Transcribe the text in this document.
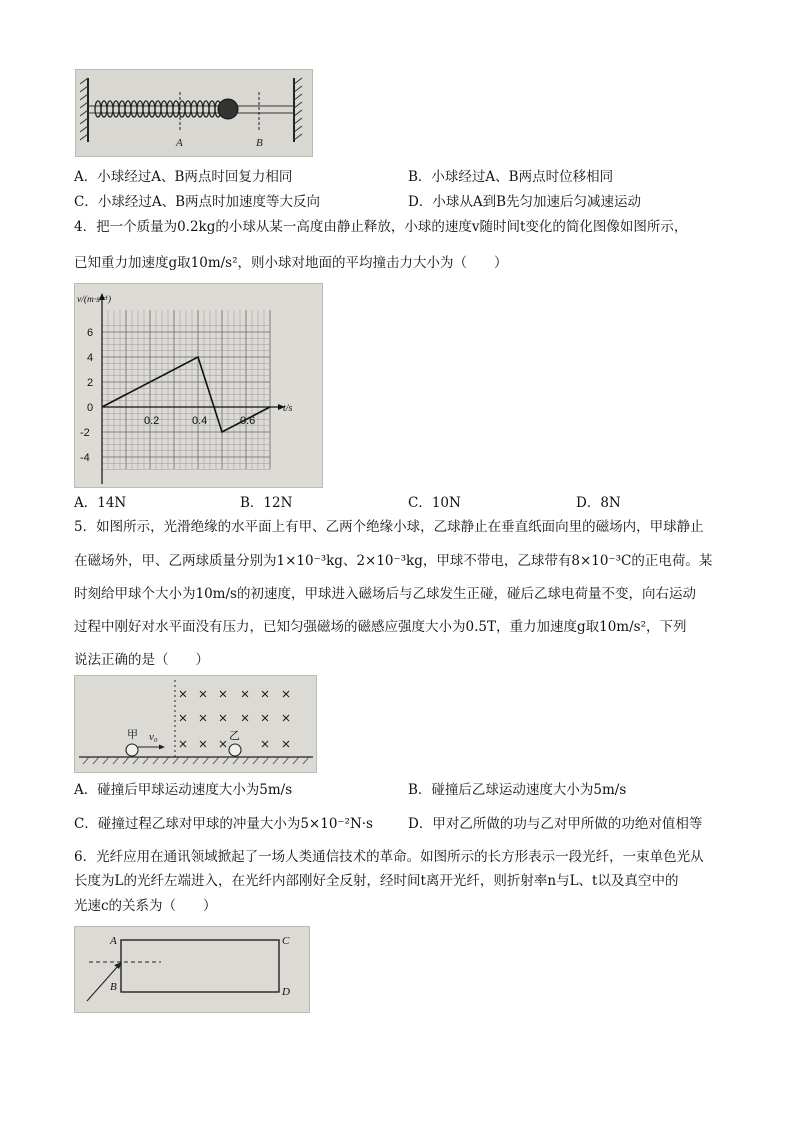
A	B
A．小球经过A、B两点时回复力相同	B．小球经过A、B两点时位移相同
C．小球经过A、B两点时加速度等大反向	D．小球从A到B先匀加速后匀减速运动
4．把一个质量为0.2kg的小球从某一高度由静止释放，小球的速度v随时间t变化的简化图像如图所示，
已知重力加速度g取10m/s²，则小球对地面的平均撞击力大小为（　　）
v/(m·s⁻¹)
t/s
6
4
2
0
-2
-4
0.2	0.4	0.6
A．14N	B．12N	C．10N	D．8N
5．如图所示，光滑绝缘的水平面上有甲、乙两个绝缘小球，乙球静止在垂直纸面向里的磁场内，甲球静止
在磁场外，甲、乙两球质量分别为1×10⁻³kg、2×10⁻³kg，甲球不带电，乙球带有8×10⁻³C的正电荷。某
时刻给甲球个大小为10m/s的初速度，甲球进入磁场后与乙球发生正碰，碰后乙球电荷量不变，向右运动
过程中刚好对水平面没有压力，已知匀强磁场的磁感应强度大小为0.5T，重力加速度g取10m/s²，下列
说法正确的是（　　）
甲 v₀	乙
A．碰撞后甲球运动速度大小为5m/s	B．碰撞后乙球运动速度大小为5m/s
C．碰撞过程乙球对甲球的冲量大小为5×10⁻²N·s	D．甲对乙所做的功与乙对甲所做的功绝对值相等
6．光纤应用在通讯领域掀起了一场人类通信技术的革命。如图所示的长方形表示一段光纤，一束单色光从
长度为L的光纤左端进入，在光纤内部刚好全反射，经时间t离开光纤，则折射率n与L、t以及真空中的
光速c的关系为（　　）
A
B
C
D
